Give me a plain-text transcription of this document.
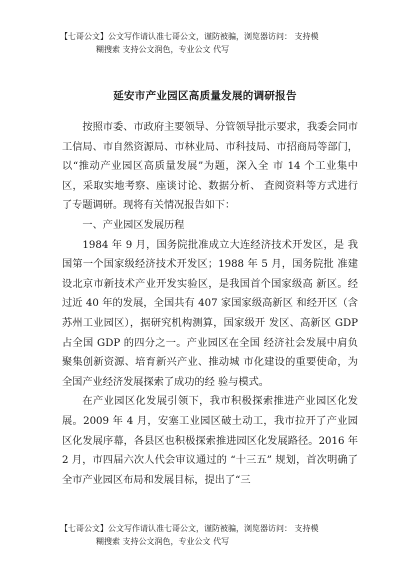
【七哥公文】公文写作请认准七哥公文，谨防被骗，浏览器访问： 支持模
糊搜索 支持公文润色，专业公文 代写
延安市产业园区高质量发展的调研报告

按照市委、市政府主要领导、分管领导批示要求，我委会同市工信局、市自然资源局、市林业局、市科技局、市招商局等部门，以“推动产业园区高质量发展”为题，深入全 市 14 个工业集中区，采取实地考察、座谈讨论、数据分析、 査阅资料等方式进行了专题调研。现将有关情况报告如下：

一、产业园区发展历程

1984 年 9 月，国务院批准成立大连经济技术开发区，是 我国第一个国家级经济技术开发区；1988 年 5 月，国务院批 准建设北京市新技术产业开发实验区，是我国首个国家级高 新区。经过近 40 年的发展，全国共有 407 家国家级高新区 和经开区（含苏州工业园区），据研究机构测算，国家级开 发区、高新区 GDP 占全国 GDP 的四分之一。产业园区在全国 经济社会发展中肩负聚集创新资源、培育新兴产业、推动城 市化建设的重要使命，为全国产业经济发展探索了成功的经 验与模式。

在产业园区化发展引领下，我市积极探索推进产业园区化发展。2009 年 4 月，安塞工业园区破土动工，我市拉开了产业园区化发展序幕，各县区也积极探索推进园区化发展路径。2016 年 2 月，市四届六次人代会审议通过的 “十三五” 规划，首次明确了全市产业园区布局和发展目标，提出了“三

【七哥公文】公文写作请认准七哥公文，谨防被骗，浏览器访问： 支持模
糊搜索 支持公文润色，专业公文 代写
